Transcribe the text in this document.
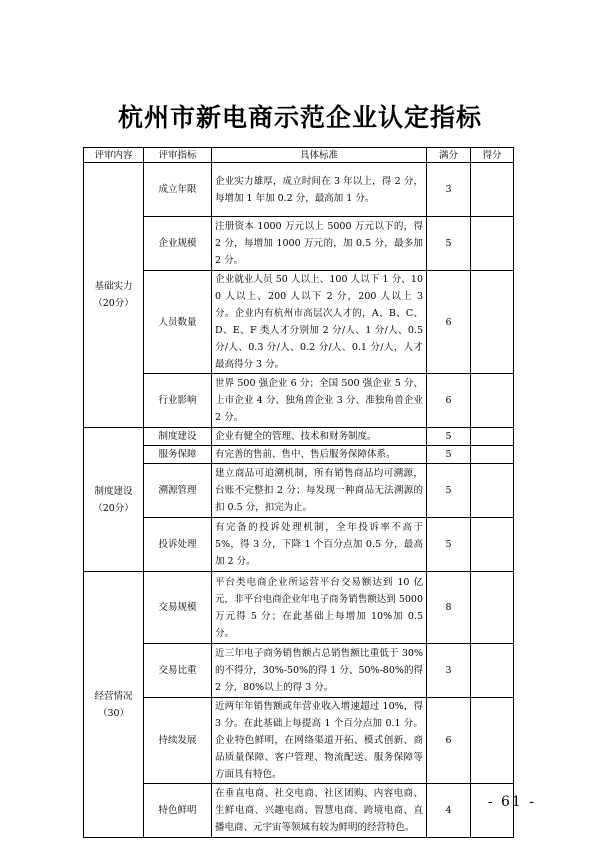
杭州市新电商示范企业认定指标
评审内容	评审指标	具体标准	满分	得分

基础实力
（20分）	成立年限	企业实力雄厚，成立时间在 3 年以上，得 2 分，每增加 1 年加 0.2 分，最高加 1 分。	3	
	企业规模	注册资本 1000 万元以上 5000 万元以下的，得 2 分，每增加 1000 万元的，加 0.5 分，最多加 2 分。	5	
	人员数量	企业就业人员 50 人以上、100 人以下 1 分、100 人以上、200 人以下 2 分，200 人以上 3 分。企业内有杭州市高层次人才的，A、B、C、D、E、F 类人才分别加 2 分/人、1 分/人、0.5 分/人、0.3 分/人、0.2 分/人、0.1 分/人，人才最高得分 3 分。	6	
	行业影响	世界 500 强企业 6 分；全国 500 强企业 5 分、上市企业 4 分、独角兽企业 3 分、准独角兽企业 2 分。	6	

制度建设
（20分）	制度建设	企业有健全的管理、技术和财务制度。	5	
	服务保障	有完善的售前、售中、售后服务保障体系。	5	
	溯源管理	建立商品可追溯机制，所有销售商品均可溯源，台账不完整扣 2 分；每发现一种商品无法溯源的扣 0.5 分，扣完为止。	5	
	投诉处理	有完备的投诉处理机制，全年投诉率不高于 5%，得 3 分，下降 1 个百分点加 0.5 分，最高加 2 分。	5	

经营情况
（30）	交易规模	平台类电商企业所运营平台交易额达到 10 亿元，非平台电商企业年电子商务销售额达到 5000 万元得 5 分；在此基础上每增加 10%加 0.5 分。	8	
	交易比重	近三年电子商务销售额占总销售额比重低于 30%的不得分，30%-50%的得 1 分、50%-80%的得 2 分，80%以上的得 3 分。	3	
	持续发展	近两年年销售额或年营业收入增速超过 10%，得 3 分。在此基础上每提高 1 个百分点加 0.1 分。企业特色鲜明，在网络渠道开拓、模式创新、商品质量保障、客户管理、物流配送、服务保障等方面具有特色。	6	
	特色鲜明	在垂直电商、社交电商、社区团购、内容电商、生鲜电商、兴趣电商、智慧电商、跨境电商、直播电商、元宇宙等领域有较为鲜明的经营特色。	4	
- 61 -
